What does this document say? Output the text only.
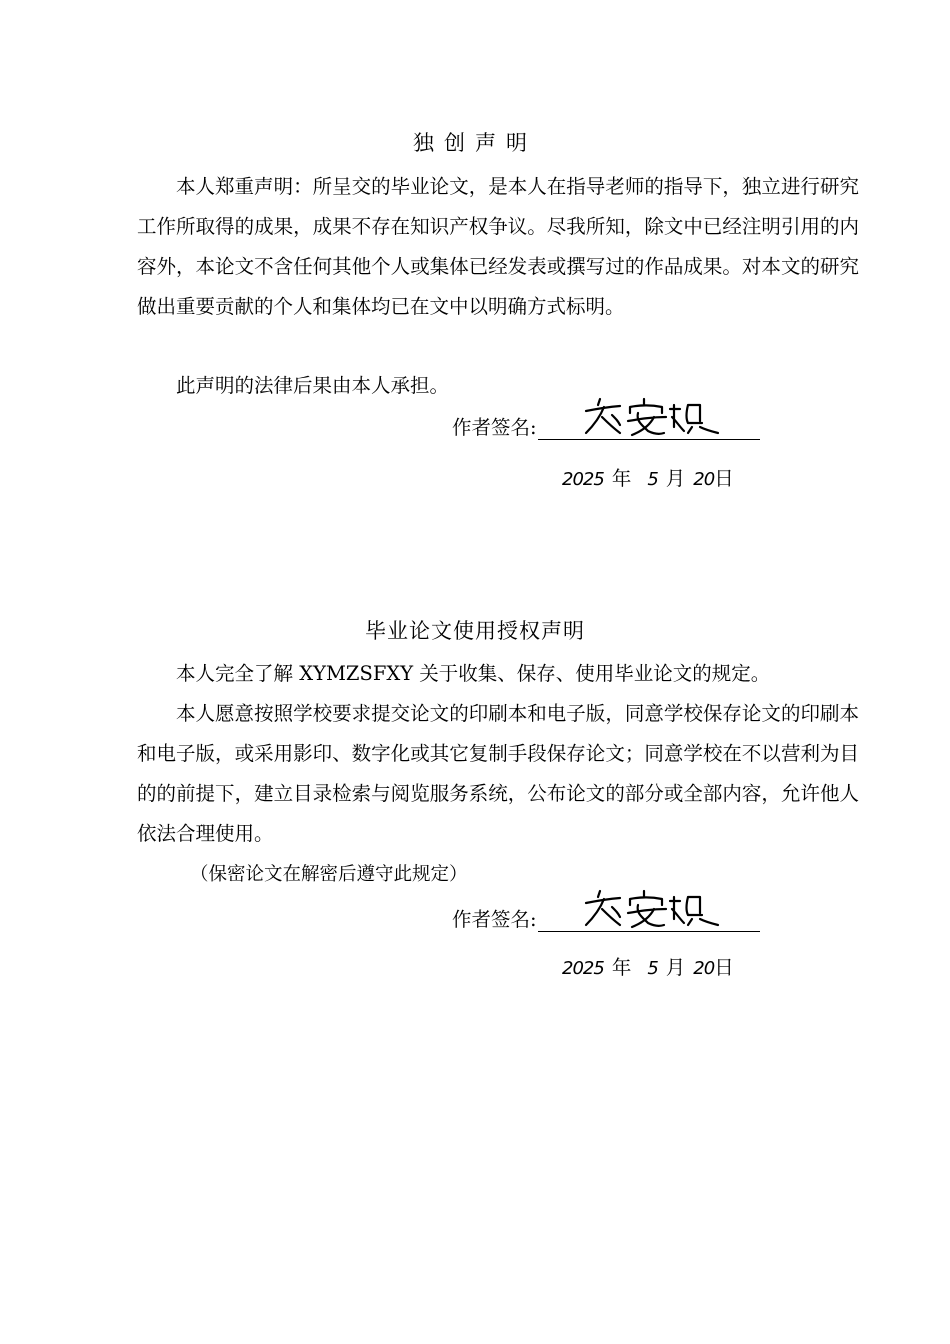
独创声明

本人郑重声明：所呈交的毕业论文，是本人在指导老师的指导下，独立进行研究工作所取得的成果，成果不存在知识产权争议。尽我所知，除文中已经注明引用的内容外，本论文不含任何其他个人或集体已经发表或撰写过的作品成果。对本文的研究做出重要贡献的个人和集体均已在文中以明确方式标明。

此声明的法律后果由本人承担。

作者签名:
2025 年 5 月 20日
毕业论文使用授权声明

本人完全了解 XYMZSFXY 关于收集、保存、使用毕业论文的规定。

本人愿意按照学校要求提交论文的印刷本和电子版，同意学校保存论文的印刷本和电子版，或采用影印、数字化或其它复制手段保存论文；同意学校在不以营利为目的的前提下，建立目录检索与阅览服务系统，公布论文的部分或全部内容，允许他人依法合理使用。

（保密论文在解密后遵守此规定）

作者签名:
2025 年 5 月 20日
